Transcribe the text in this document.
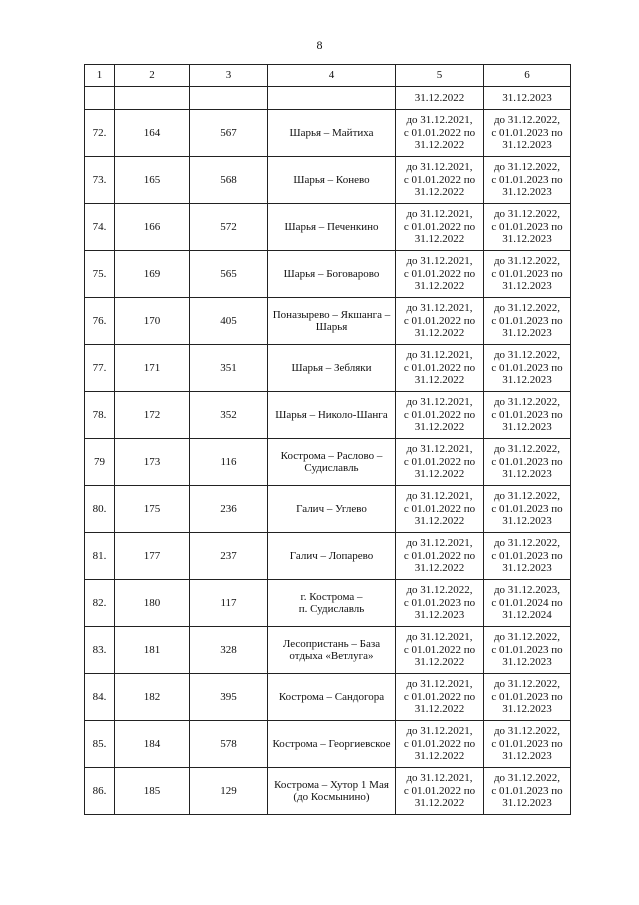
8
1	2	3	4	5	6
				31.12.2022	31.12.2023
72.	164	567	Шарья – Майтиха	до 31.12.2021,
с 01.01.2022 по
31.12.2022	до 31.12.2022,
с 01.01.2023 по
31.12.2023
73.	165	568	Шарья – Конево	до 31.12.2021,
с 01.01.2022 по
31.12.2022	до 31.12.2022,
с 01.01.2023 по
31.12.2023
74.	166	572	Шарья – Печенкино	до 31.12.2021,
с 01.01.2022 по
31.12.2022	до 31.12.2022,
с 01.01.2023 по
31.12.2023
75.	169	565	Шарья – Боговарово	до 31.12.2021,
с 01.01.2022 по
31.12.2022	до 31.12.2022,
с 01.01.2023 по
31.12.2023
76.	170	405	Поназырево – Якшанга –
Шарья	до 31.12.2021,
с 01.01.2022 по
31.12.2022	до 31.12.2022,
с 01.01.2023 по
31.12.2023
77.	171	351	Шарья – Зебляки	до 31.12.2021,
с 01.01.2022 по
31.12.2022	до 31.12.2022,
с 01.01.2023 по
31.12.2023
78.	172	352	Шарья – Николо-Шанга	до 31.12.2021,
с 01.01.2022 по
31.12.2022	до 31.12.2022,
с 01.01.2023 по
31.12.2023
79	173	116	Кострома – Раслово –
Судиславль	до 31.12.2021,
с 01.01.2022 по
31.12.2022	до 31.12.2022,
с 01.01.2023 по
31.12.2023
80.	175	236	Галич – Углево	до 31.12.2021,
с 01.01.2022 по
31.12.2022	до 31.12.2022,
с 01.01.2023 по
31.12.2023
81.	177	237	Галич – Лопарево	до 31.12.2021,
с 01.01.2022 по
31.12.2022	до 31.12.2022,
с 01.01.2023 по
31.12.2023
82.	180	117	г. Кострома –
п. Судиславль	до 31.12.2022,
с 01.01.2023 по
31.12.2023	до 31.12.2023,
с 01.01.2024 по
31.12.2024
83.	181	328	Лесопристань – База
отдыха «Ветлуга»	до 31.12.2021,
с 01.01.2022 по
31.12.2022	до 31.12.2022,
с 01.01.2023 по
31.12.2023
84.	182	395	Кострома – Сандогора	до 31.12.2021,
с 01.01.2022 по
31.12.2022	до 31.12.2022,
с 01.01.2023 по
31.12.2023
85.	184	578	Кострома – Георгиевское	до 31.12.2021,
с 01.01.2022 по
31.12.2022	до 31.12.2022,
с 01.01.2023 по
31.12.2023
86.	185	129	Кострома – Хутор 1 Мая
(до Космынино)	до 31.12.2021,
с 01.01.2022 по
31.12.2022	до 31.12.2022,
с 01.01.2023 по
31.12.2023
